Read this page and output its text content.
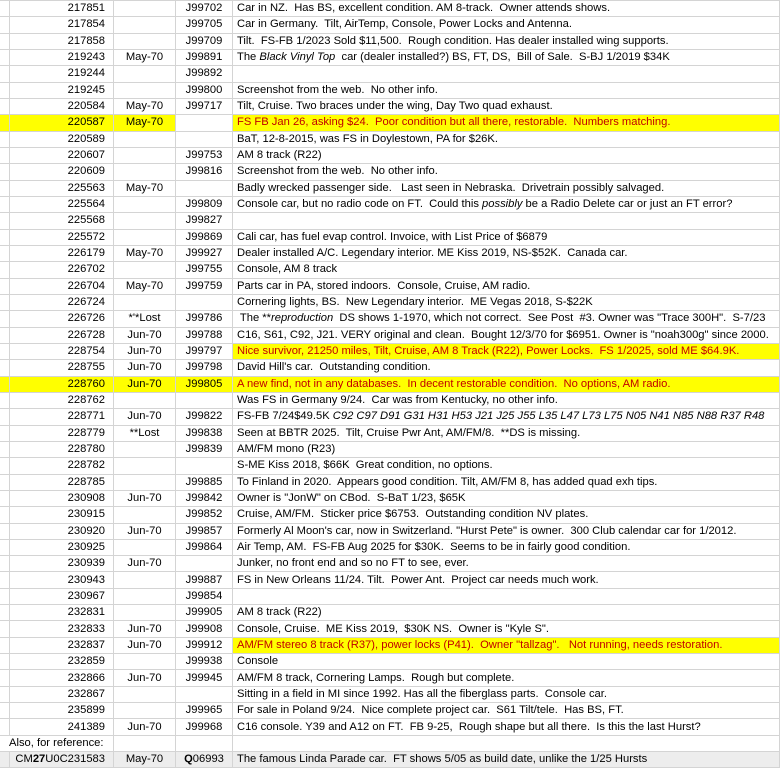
217851	J99702 Car in NZ.  Has BS, excellent condition. AM 8-track.  Owner attends shows.
217854	J99705 Car in Germany.  Tilt, AirTemp, Console, Power Locks and Antenna.
217858	J99709 Tilt.  FS-FB 1/2023 Sold $11,500.  Rough condition. Has dealer installed wing supports.
219243 May-70 J99891 The Black Vinyl Top car (dealer installed?) BS, FT, DS,  Bill of Sale.  S-BJ 1/2019 $34K
219244	J99892
219245	J99800 Screenshot from the web.  No other info.
220584 May-70 J99717 Tilt, Cruise. Two braces under the wing, Day Two quad exhaust.
220587 May-70	FS FB Jan 26, asking $24.  Poor condition but all there, restorable.  Numbers matching.
220589	BaT, 12-8-2015, was FS in Doylestown, PA for $26K.
220607	J99753 AM 8 track (R22)
220609	J99816 Screenshot from the web.  No other info.
225563 May-70	Badly wrecked passenger side.   Last seen in Nebraska.  Drivetrain possibly salvaged.
225564	J99809 Console car, but no radio code on FT.  Could this possibly be a Radio Delete car or just an FT error?
225568	J99827
225572	J99869 Cali car, has fuel evap control. Invoice, with List Price of $6879
226179 May-70 J99927 Dealer installed A/C. Legendary interior. ME Kiss 2019, NS-$52K.  Canada car.
226702	J99755 Console, AM 8 track
226704 May-70 J99759 Parts car in PA, stored indoors.  Console, Cruise, AM radio.
226724	Cornering lights, BS.  New Legendary interior.  ME Vegas 2018, S-$22K
226726 *'*Lost J99786 The ** reproduction DS shows 1-1970, which not correct.  See Post  #3. Owner was "Trace 300H".  S-7/23
226728 Jun-70 J99788 C16, S61, C92, J21. VERY original and clean.  Bought 12/3/70 for $6951. Owner is "noah300g" since 2000.
228754 Jun-70 J99797 Nice survivor, 21250 miles, Tilt, Cruise, AM 8 Track (R22), Power Locks.  FS 1/2025, sold ME $64.9K.
228755 Jun-70 J99798 David Hill's car.  Outstanding condition.
228760 Jun-70 J99805 A new find, not in any databases.  In decent restorable condition.  No options, AM radio.
228762	Was FS in Germany 9/24.  Car was from Kentucky, no other info.
228771 Jun-70 J99822 FS-FB 7/24$49.5K C92 C97 D91 G31 H31 H53 J21 J25 J55 L35 L47 L73 L75 N05 N41 N85 N88 R37 R48
228779 **Lost J99838 Seen at BBTR 2025.  Tilt, Cruise Pwr Ant, AM/FM/8.  **DS is missing.
228780	J99839 AM/FM mono (R23)
228782	S-ME Kiss 2018, $66K  Great condition, no options.
228785	J99885 To Finland in 2020.  Appears good condition. Tilt, AM/FM 8, has added quad exh tips.
230908 Jun-70 J99842 Owner is "JonW" on CBod.  S-BaT 1/23, $65K
230915	J99852 Cruise, AM/FM.  Sticker price $6753.  Outstanding condition NV plates.
230920 Jun-70 J99857 Formerly Al Moon's car, now in Switzerland. "Hurst Pete" is owner.  300 Club calendar car for 1/2012.
230925	J99864 Air Temp, AM.  FS-FB Aug 2025 for $30K.  Seems to be in fairly good condition.
230939 Jun-70	Junker, no front end and so no FT to see, ever.
230943	J99887 FS in New Orleans 11/24. Tilt.  Power Ant.  Project car needs much work.
230967	J99854
232831	J99905 AM 8 track (R22)
232833 Jun-70 J99908 Console, Cruise.  ME Kiss 2019,  $30K NS.  Owner is "Kyle S".
232837 Jun-70 J99912 AM/FM stereo 8 track (R37), power locks (P41).  Owner "tallzag".   Not running, needs restoration.
232859	J99938 Console
232866 Jun-70 J99945 AM/FM 8 track, Cornering Lamps.  Rough but complete.
232867	Sitting in a field in MI since 1992. Has all the fiberglass parts.  Console car.
235899	J99965 For sale in Poland 9/24.  Nice complete project car.  S61 Tilt/tele.  Has BS, FT.
241389 Jun-70 J99968 C16 console. Y39 and A12 on FT.  FB 9-25,  Rough shape but all there.  Is this the last Hurst?
Also, for reference:
CM 27 U0C231583 May-70 Q 06993 The famous Linda Parade car.  FT shows 5/05 as build date, unlike the 1/25 Hursts
